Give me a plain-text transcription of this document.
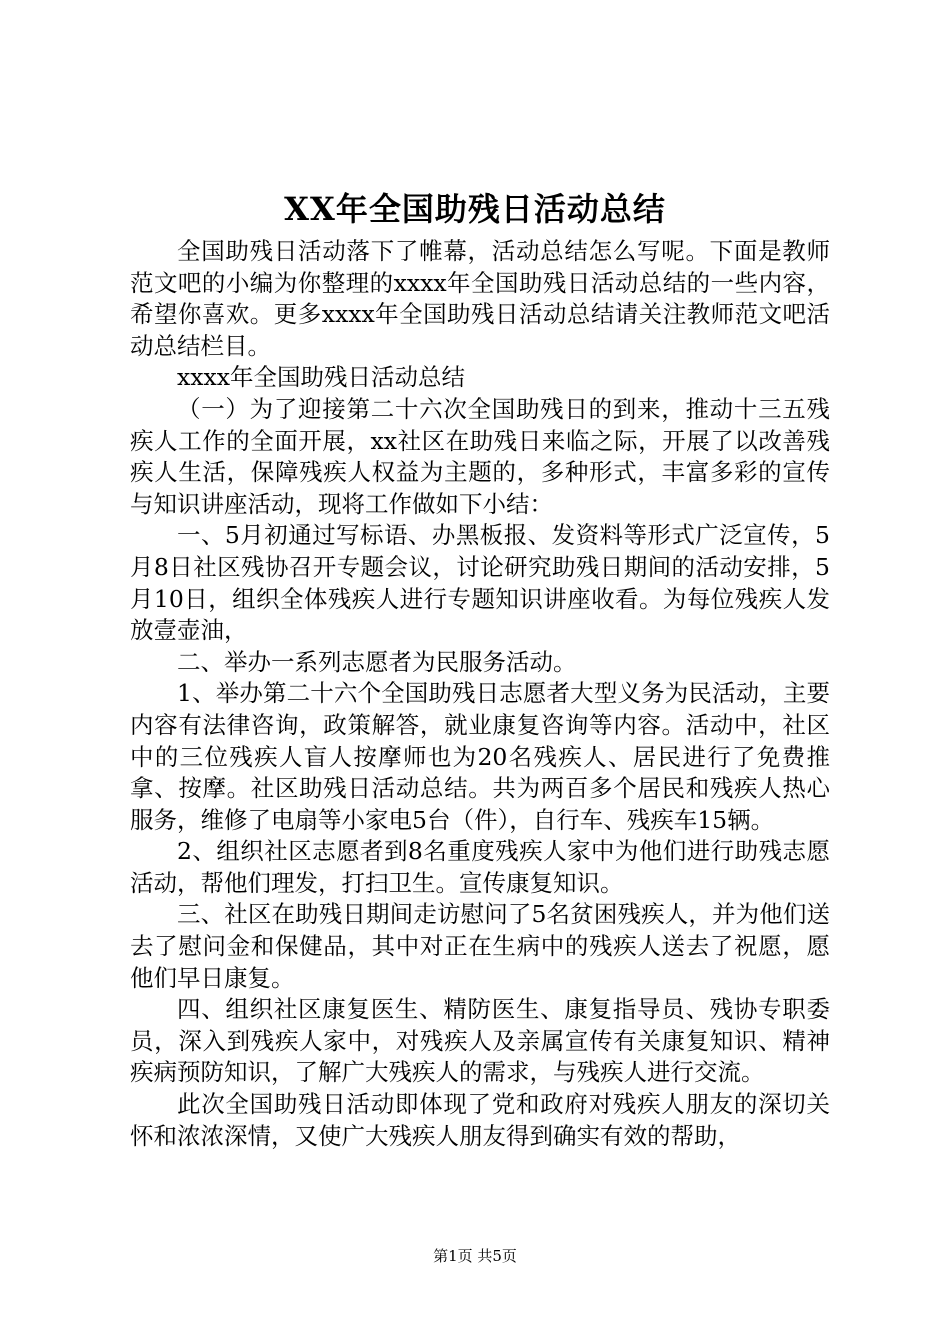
XX年全国助残日活动总结

全国助残日活动落下了帷幕，活动总结怎么写呢。下面是教师范文吧的小编为你整理的xxxx年全国助残日活动总结的一些内容，希望你喜欢。更多xxxx年全国助残日活动总结请关注教师范文吧活动总结栏目。

xxxx年全国助残日活动总结

（一）为了迎接第二十六次全国助残日的到来，推动十三五残疾人工作的全面开展，xx社区在助残日来临之际，开展了以改善残疾人生活，保障残疾人权益为主题的，多种形式，丰富多彩的宣传与知识讲座活动，现将工作做如下小结：

一、5月初通过写标语、办黑板报、发资料等形式广泛宣传，5月8日社区残协召开专题会议，讨论研究助残日期间的活动安排，5月10日，组织全体残疾人进行专题知识讲座收看。为每位残疾人发放壹壶油，

二、举办一系列志愿者为民服务活动。

1、举办第二十六个全国助残日志愿者大型义务为民活动，主要内容有法律咨询，政策解答，就业康复咨询等内容。活动中，社区中的三位残疾人盲人按摩师也为20名残疾人、居民进行了免费推拿、按摩。社区助残日活动总结。共为两百多个居民和残疾人热心服务，维修了电扇等小家电5台（件），自行车、残疾车15辆。

2、组织社区志愿者到8名重度残疾人家中为他们进行助残志愿活动，帮他们理发，打扫卫生。宣传康复知识。

三、社区在助残日期间走访慰问了5名贫困残疾人，并为他们送去了慰问金和保健品，其中对正在生病中的残疾人送去了祝愿，愿他们早日康复。

四、组织社区康复医生、精防医生、康复指导员、残协专职委员，深入到残疾人家中，对残疾人及亲属宣传有关康复知识、精神疾病预防知识，了解广大残疾人的需求，与残疾人进行交流。

此次全国助残日活动即体现了党和政府对残疾人朋友的深切关怀和浓浓深情，又使广大残疾人朋友得到确实有效的帮助，

第1页 共5页
